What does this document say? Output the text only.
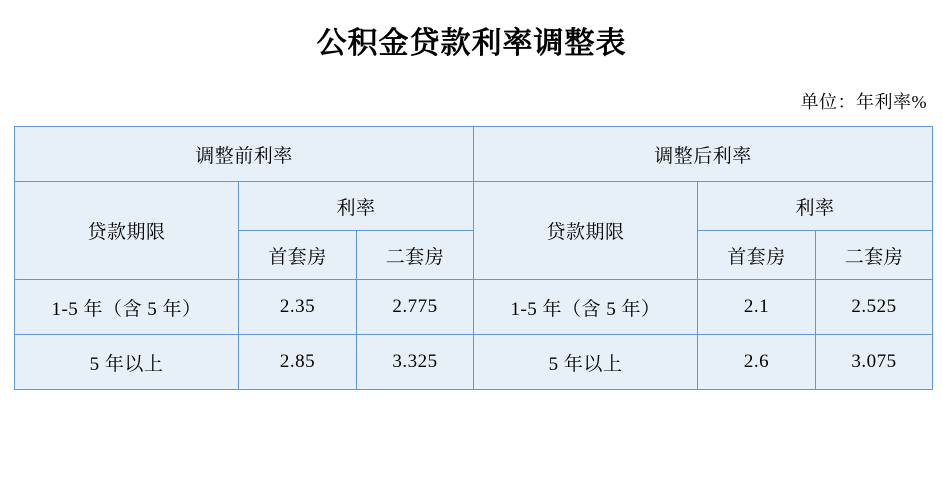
公积金贷款利率调整表
单位：年利率%
调整前利率			调整后利率		
贷款期限	利率		贷款期限	利率	
	首套房	二套房		首套房	二套房
1-5 年（含 5 年）	2.35	2.775	1-5 年（含 5 年）	2.1	2.525
5 年以上	2.85	3.325	5 年以上	2.6	3.075
